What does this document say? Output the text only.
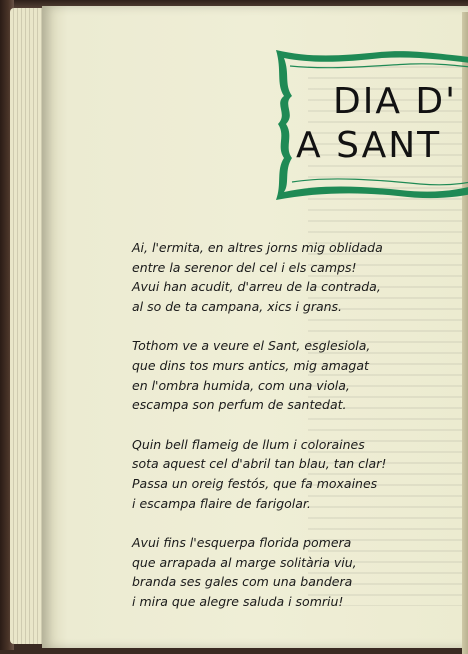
DIA D'
A SANT
Ai, l'ermita, en altres jorns mig oblidada
entre la serenor del cel i els camps!
Avui han acudit, d'arreu de la contrada,
al so de ta campana, xics i grans.
Tothom ve a veure el Sant, esglesiola,
que dins tos murs antics, mig amagat
en l'ombra humida, com una viola,
escampa son perfum de santedat.
Quin bell flameig de llum i coloraines
sota aquest cel d'abril tan blau, tan clar!
Passa un oreig festós, que fa moxaines
i escampa flaire de farigolar.
Avui fins l'esquerpa florida pomera
que arrapada al marge solitària viu,
branda ses gales com una bandera
i mira que alegre saluda i somriu!
